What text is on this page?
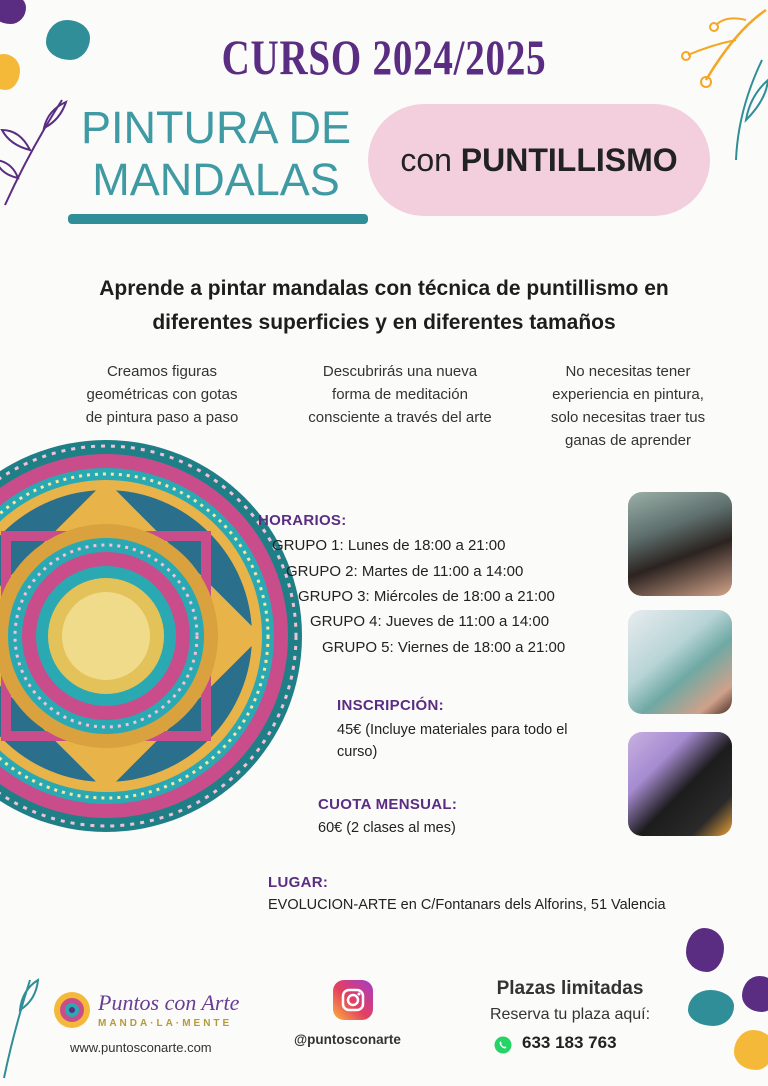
CURSO 2024/2025
PINTURA DE
MANDALAS	con PUNTILLISMO
Aprende a pintar mandalas con técnica de puntillismo en
diferentes superficies y en diferentes tamaños
Creamos figuras
geométricas con gotas
de pintura paso a paso
Descubrirás una nueva
forma de meditación
consciente a través del arte
No necesitas tener
experiencia en pintura,
solo necesitas traer tus
ganas de aprender
HORARIOS:
GRUPO 1: Lunes de 18:00 a 21:00
GRUPO 2: Martes de 11:00 a 14:00
GRUPO 3: Miércoles de 18:00 a 21:00
GRUPO 4: Jueves de 11:00 a 14:00
GRUPO 5: Viernes de 18:00 a 21:00
INSCRIPCIÓN:
45€ (Incluye materiales para todo el
curso)
CUOTA MENSUAL:
60€ (2 clases al mes)
LUGAR:
EVOLUCION-ARTE en C/Fontanars dels Alforins, 51 Valencia
Puntos con Arte
MANDA·LA·MENTE
www.puntosconarte.com
@puntosconarte
Plazas limitadas
Reserva tu plaza aquí:
633 183 763
